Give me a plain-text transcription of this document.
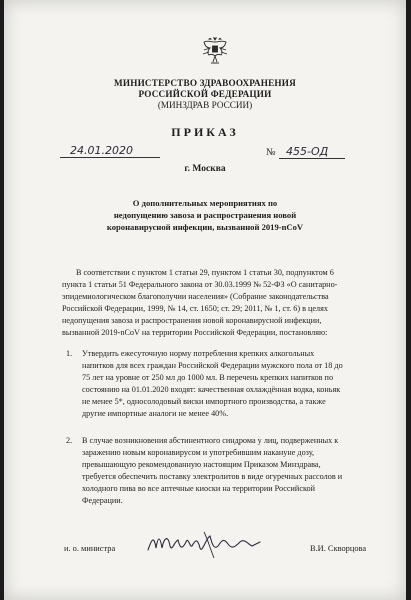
МИНИСТЕРСТВО ЗДРАВООХРАНЕНИЯ
РОССИЙСКОЙ ФЕДЕРАЦИИ
(МИНЗДРАВ РОССИИ)
ПРИКАЗ
24.01.2020	№ 455-ОД
г. Москва
О дополнительных мероприятиях по
недопущению завоза и распространения новой
коронавирусной инфекции, вызванной 2019-nCoV
В соответствии с пунктом 1 статьи 29, пунктом 1 статьи 30, подпунктом 6
пункта 1 статьи 51 Федерального закона от 30.03.1999 № 52-ФЗ «О санитарно-
эпидемиологическом благополучии населения» (Собрание законодательства
Российской Федерации, 1999, № 14, ст. 1650; ст. 29; 2011, № 1, ст. 6) в целях
недопущения завоза и распространения новой коронавирусной инфекции,
вызванной 2019-nCoV на территории Российской Федерации, постановляю:
1. Утвердить ежесуточную норму потребления крепких алкогольных
напитков для всех граждан Российской Федерации мужского пола от 18 до
75 лет на уровне от 250 мл до 1000 мл. В перечень крепких напитков по
состоянию на 01.01.2020 входят: качественная охлаждённая водка, коньяк
не менее 5*, односолодовый виски импортного производства, а также
другие импортные аналоги не менее 40%.
2. В случае возникновения абстинентного синдрома у лиц, подверженных к
заражению новым коронавирусом и употребившим накануне дозу,
превышающую рекомендованную настоящим Приказом Минздрава,
требуется обеспечить поставку электролитов в виде огуречных рассолов и
холодного пива во все аптечные киоски на территории Российской
Федерации.
и. о. министра	В.И. Скворцова
